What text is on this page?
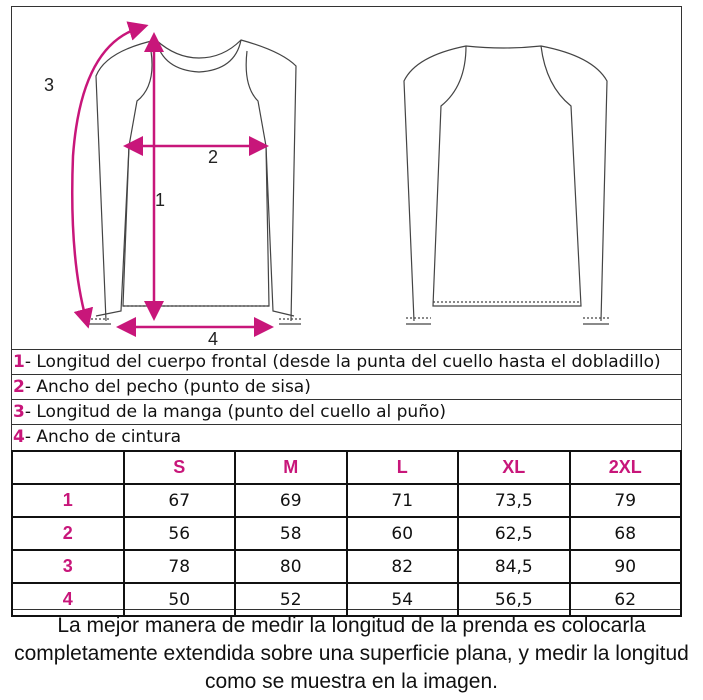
1
2
3
4
1- Longitud del cuerpo frontal (desde la punta del cuello hasta el dobladillo)
2- Ancho del pecho (punto de sisa)
3- Longitud de la manga (punto del cuello al puño)
4- Ancho de cintura
	S	M	L	XL	2XL
1	67	69	71	73,5	79
2	56	58	60	62,5	68
3	78	80	82	84,5	90
4	50	52	54	56,5	62
La mejor manera de medir la longitud de la prenda es colocarla completamente extendida sobre una superficie plana, y medir la longitud como se muestra en la imagen.
